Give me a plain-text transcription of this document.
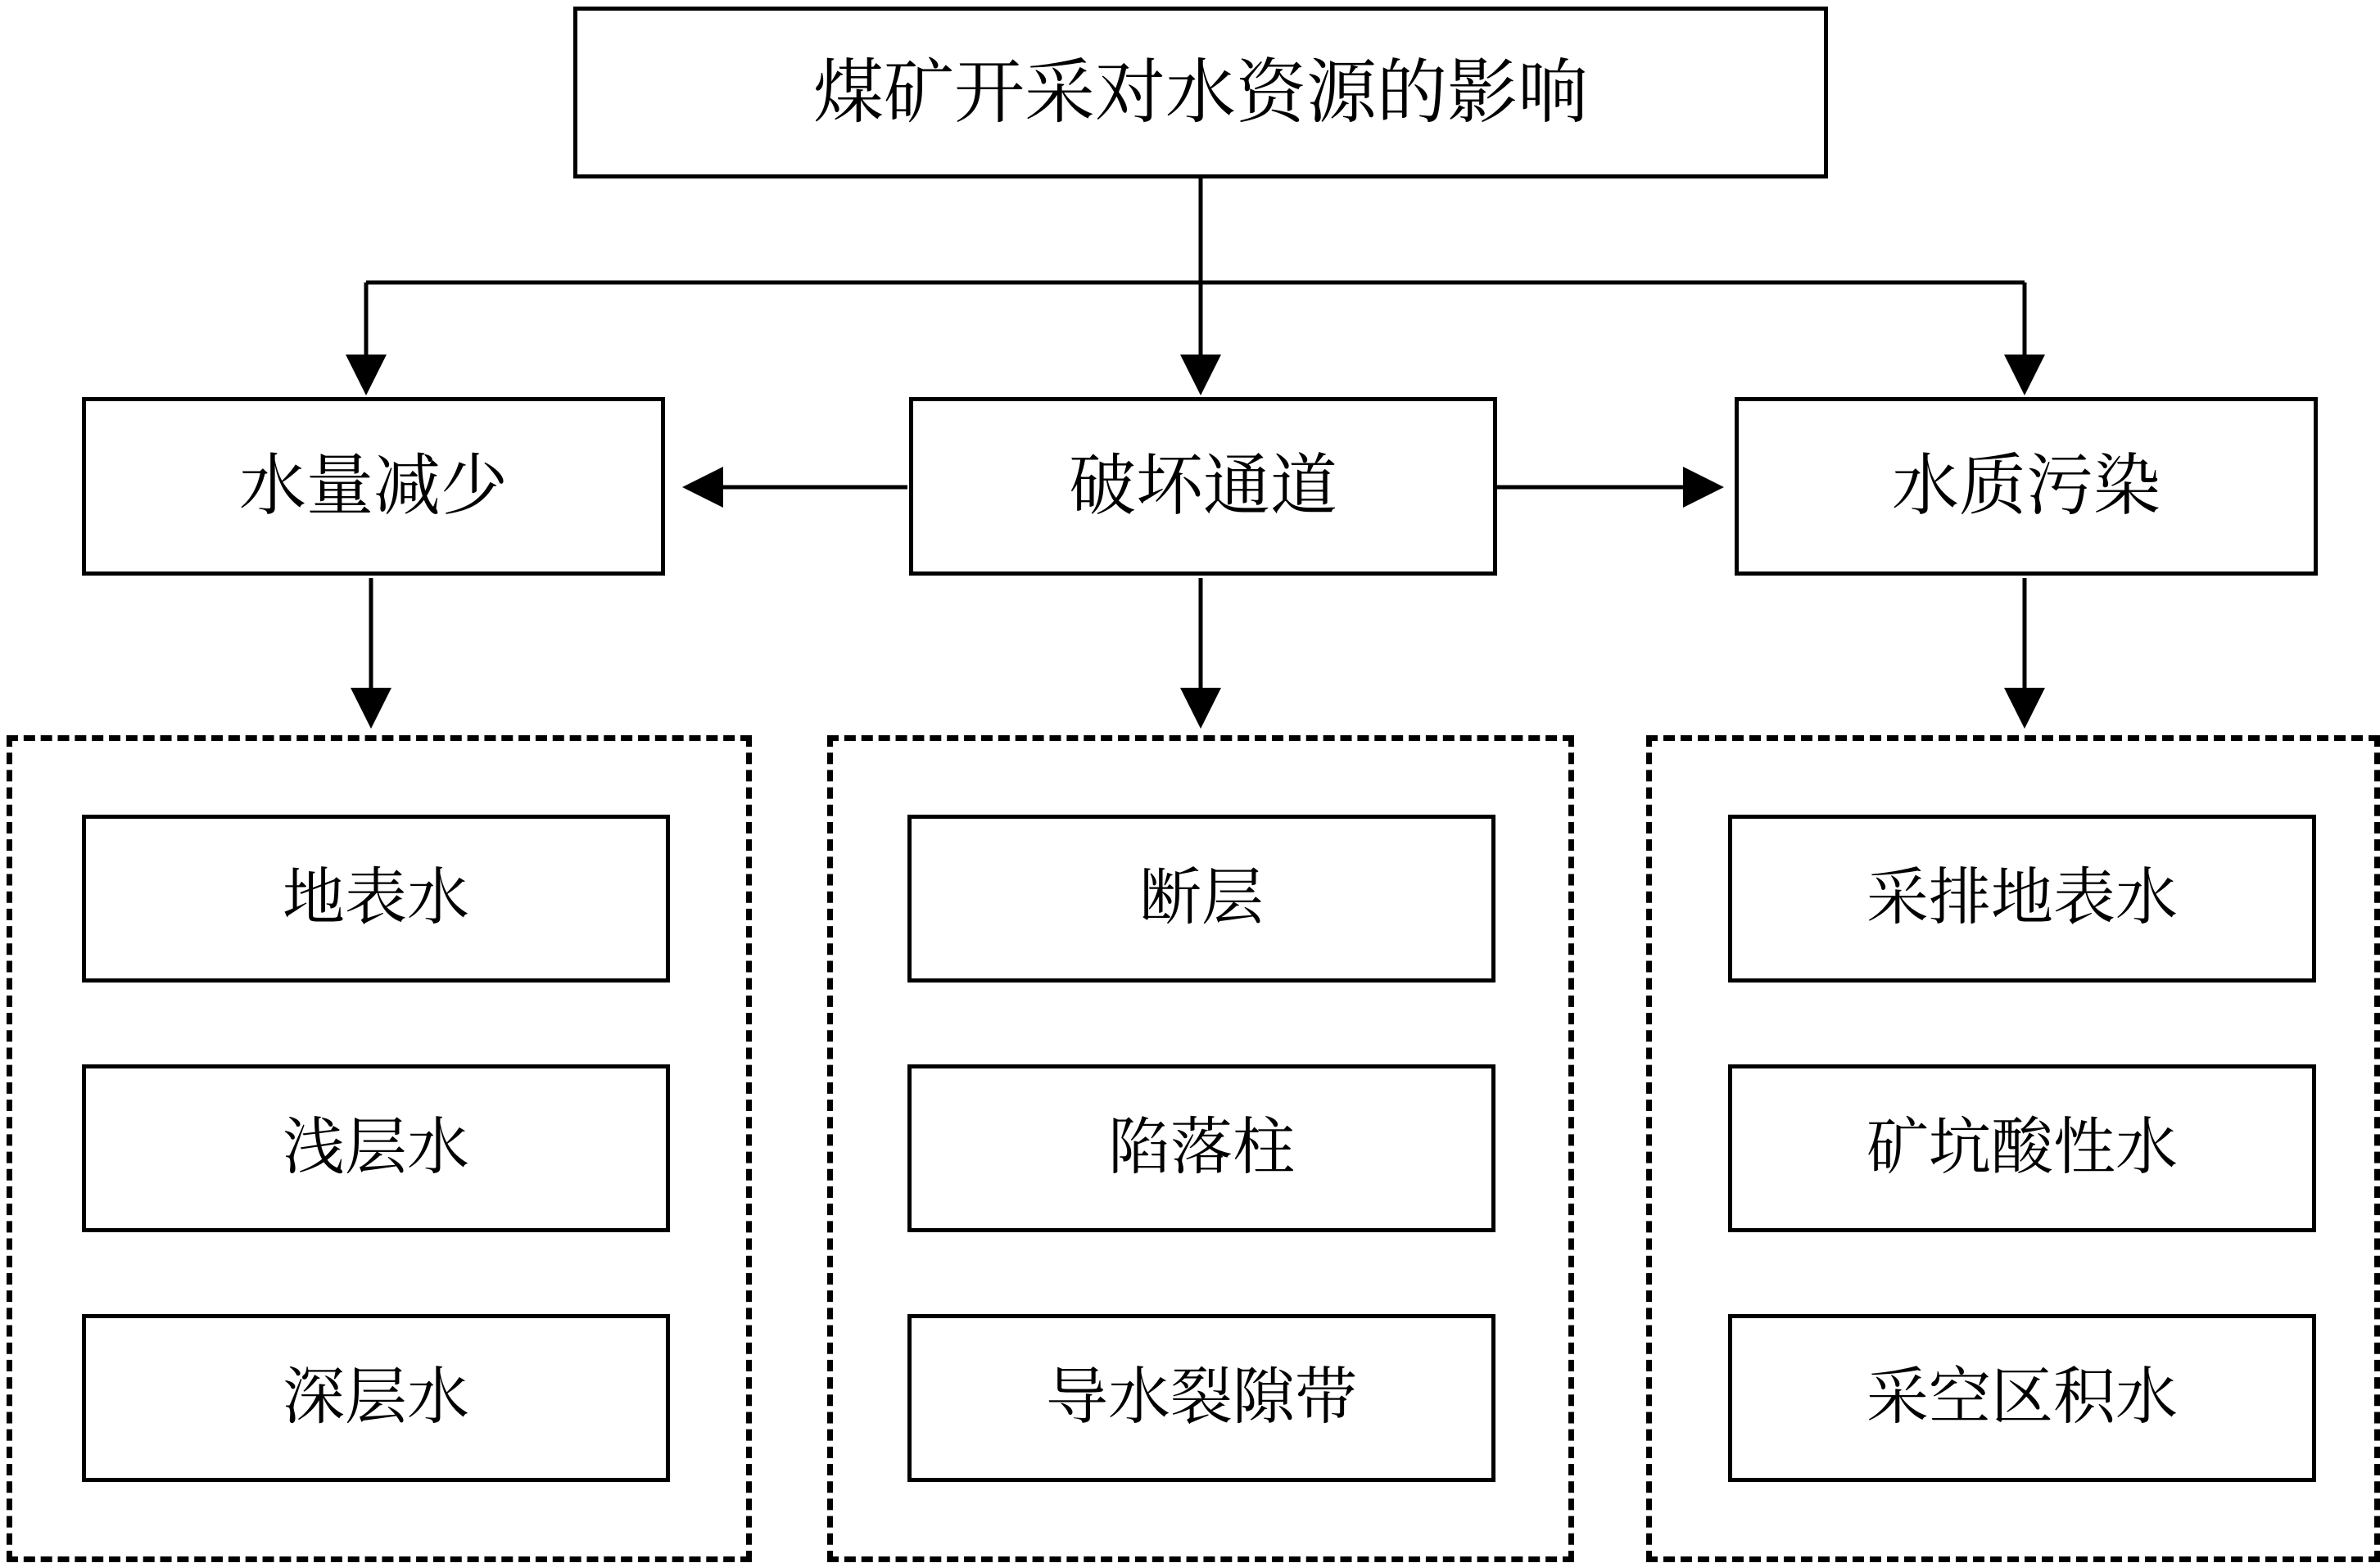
煤矿开采对水资源的影响
水量减少	破坏通道	水质污染
地表水
浅层水
深层水
断层
陷落柱
导水裂隙带
采排地表水
矿坑酸性水
采空区积水
